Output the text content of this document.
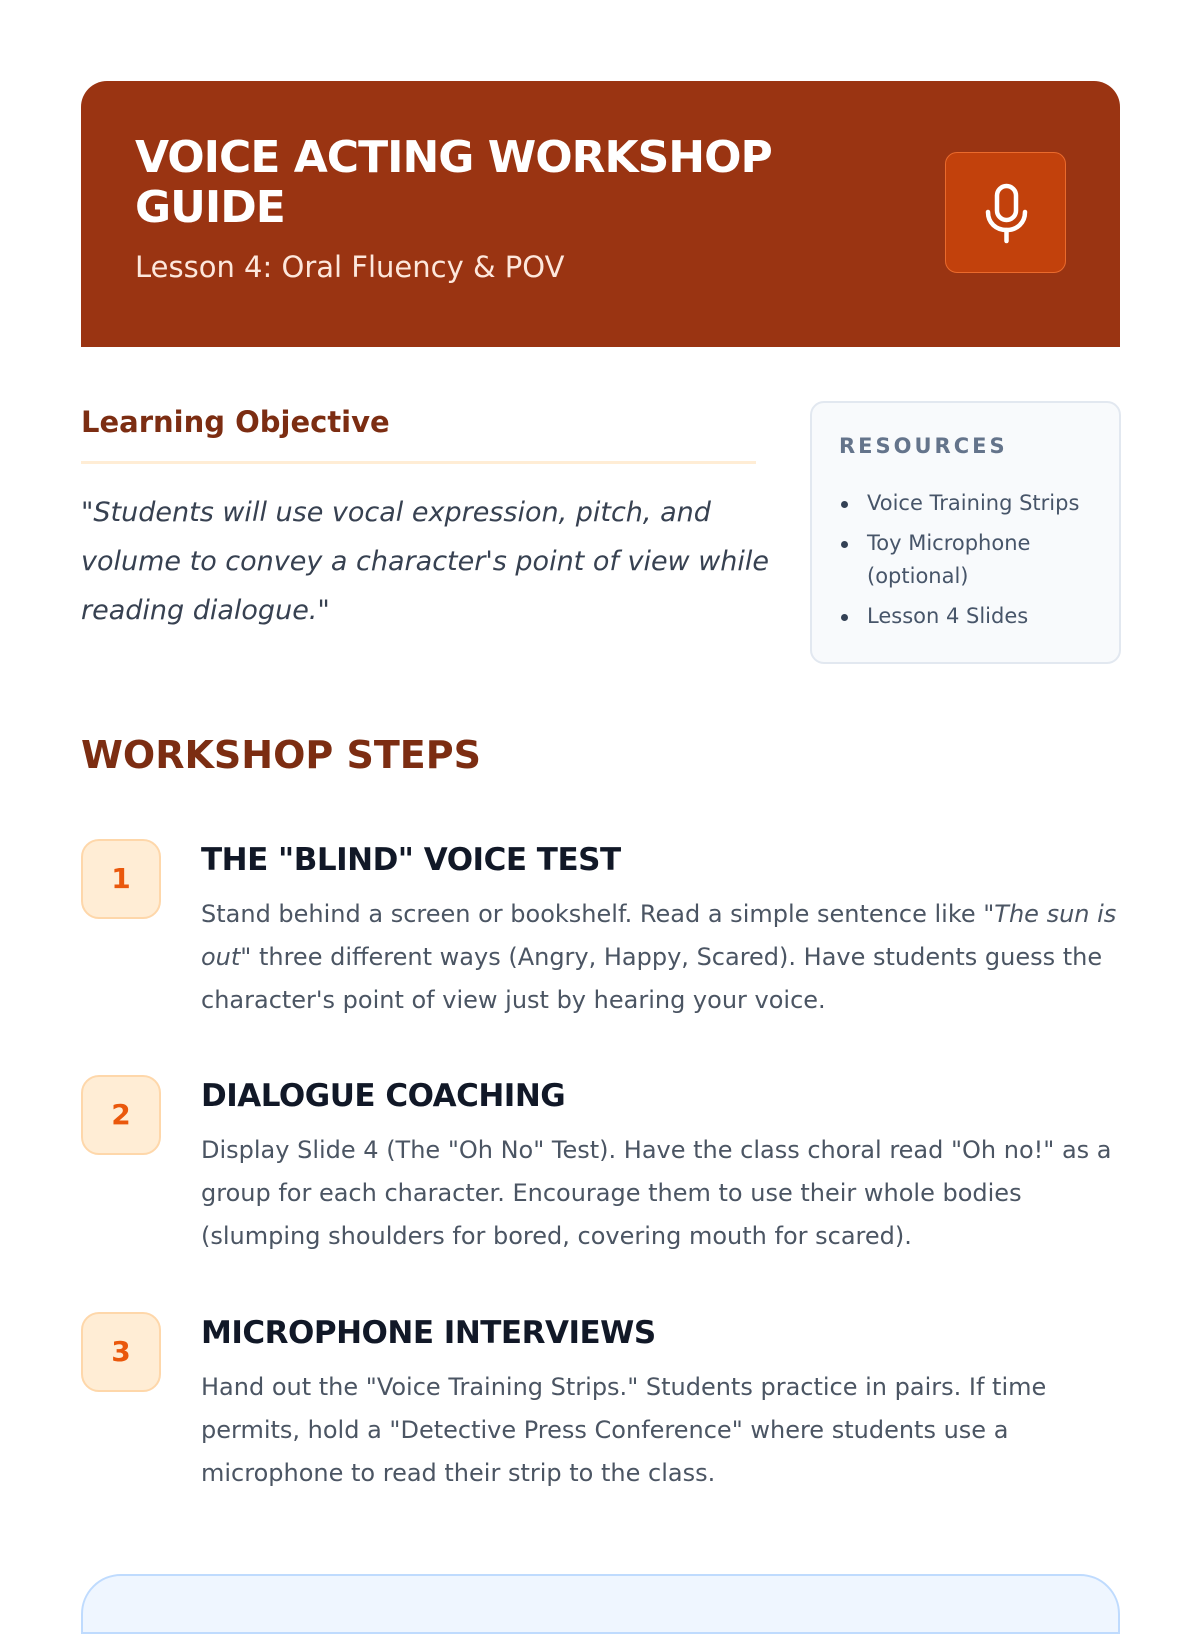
VOICE ACTING WORKSHOP GUIDE

Lesson 4: Oral Fluency & POV

Learning Objective

"Students will use vocal expression, pitch, and volume to convey a character's point of view while reading dialogue."

RESOURCES
Voice Training Strips
Toy Microphone (optional)
Lesson 4 Slides
WORKSHOP STEPS
1
THE "BLIND" VOICE TEST

Stand behind a screen or bookshelf. Read a simple sentence like "The sun is out" three different ways (Angry, Happy, Scared). Have students guess the character's point of view just by hearing your voice.

2
DIALOGUE COACHING

Display Slide 4 (The "Oh No" Test). Have the class choral read "Oh no!" as a group for each character. Encourage them to use their whole bodies (slumping shoulders for bored, covering mouth for scared).

3
MICROPHONE INTERVIEWS

Hand out the "Voice Training Strips." Students practice in pairs. If time permits, hold a "Detective Press Conference" where students use a microphone to read their strip to the class.
